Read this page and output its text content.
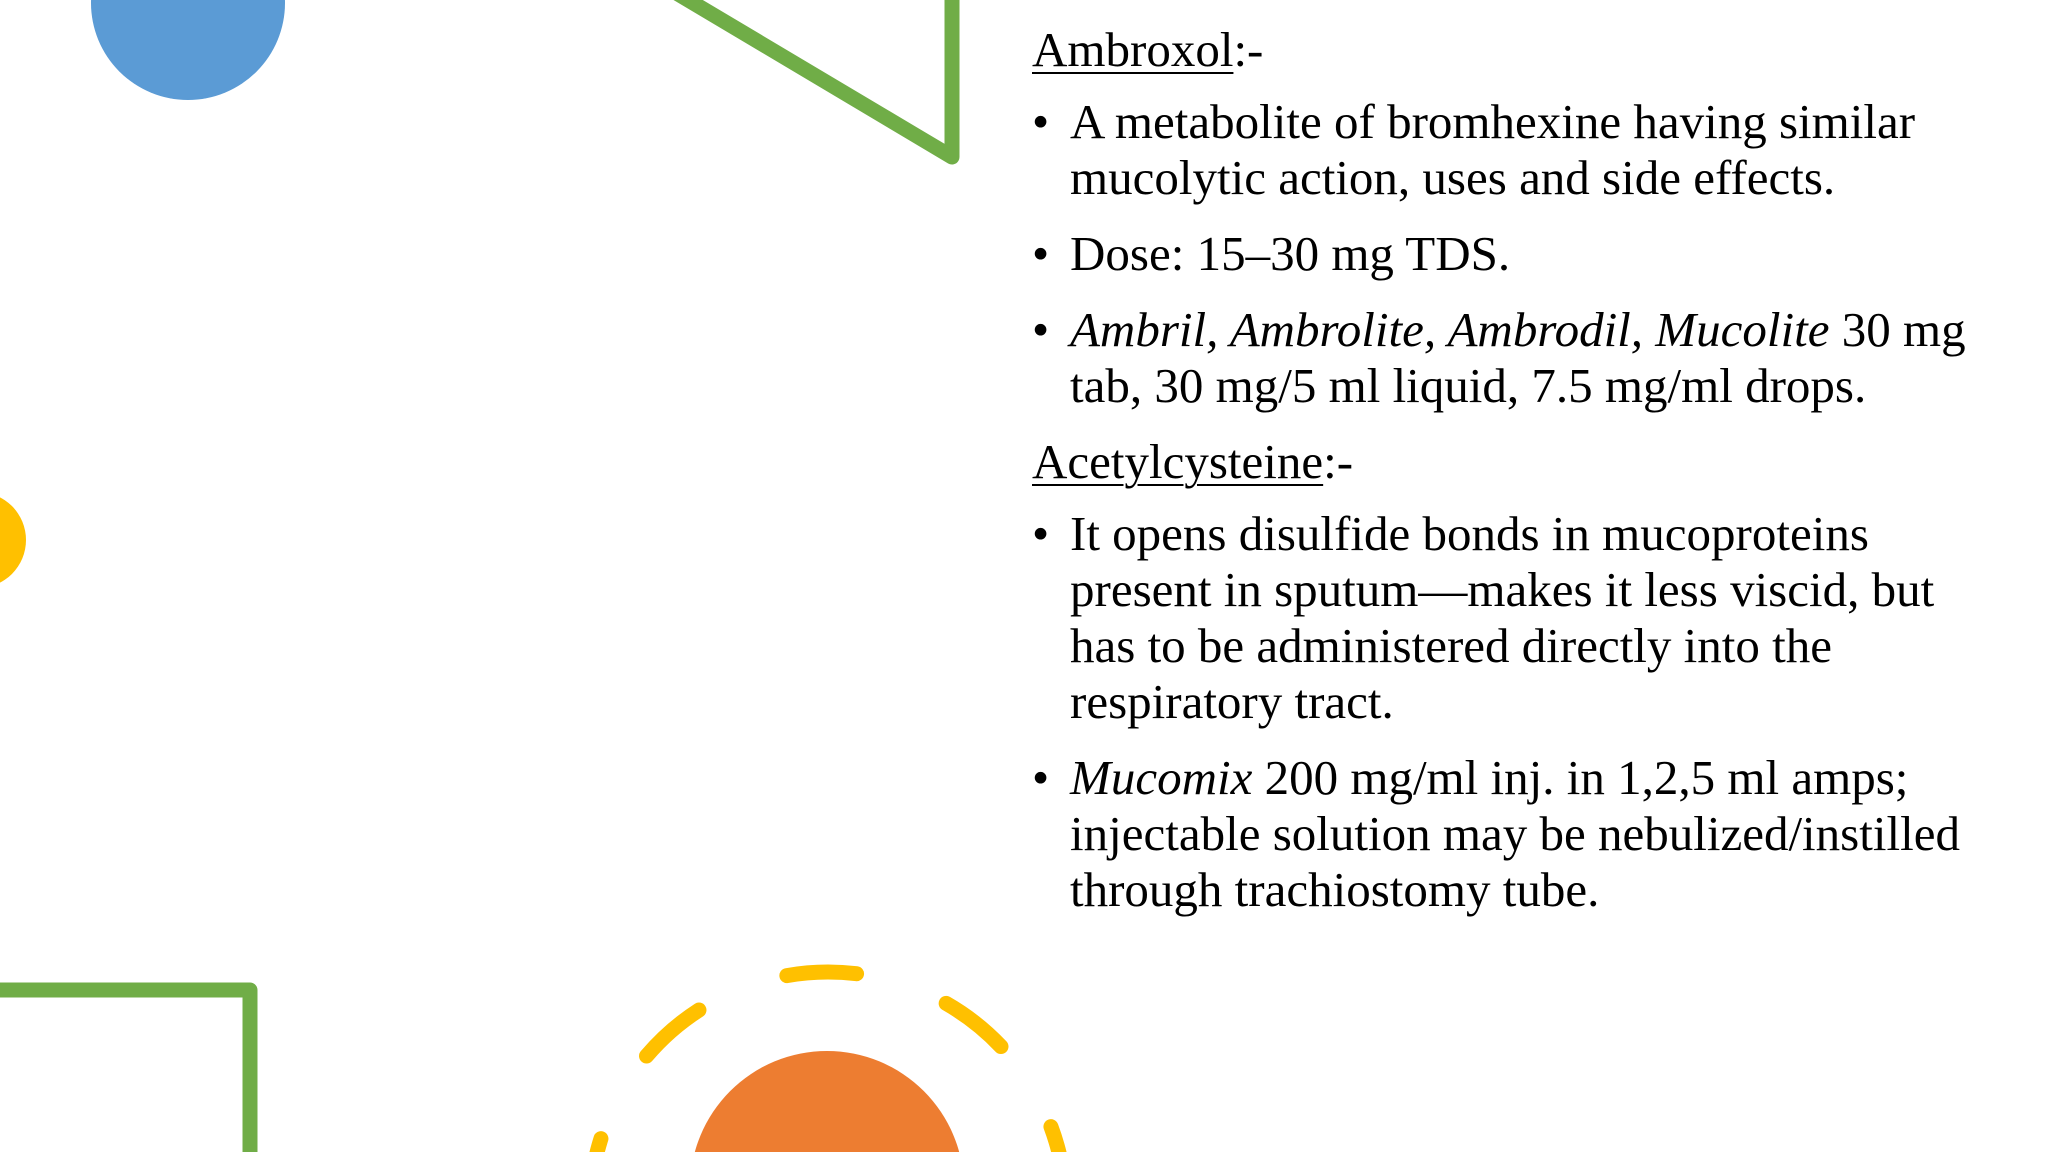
Ambroxol:-

• A metabolite of bromhexine having similar mucolytic action, uses and side effects.
• Dose: 15–30 mg TDS.
• Ambril, Ambrolite, Ambrodil, Mucolite 30 mg tab, 30 mg/5 ml liquid, 7.5 mg/ml drops.

Acetylcysteine:-

• It opens disulfide bonds in mucoproteins present in sputum—makes it less viscid, but has to be administered directly into the respiratory tract.
• Mucomix 200 mg/ml inj. in 1,2,5 ml amps; injectable solution may be nebulized/instilled through trachiostomy tube.
